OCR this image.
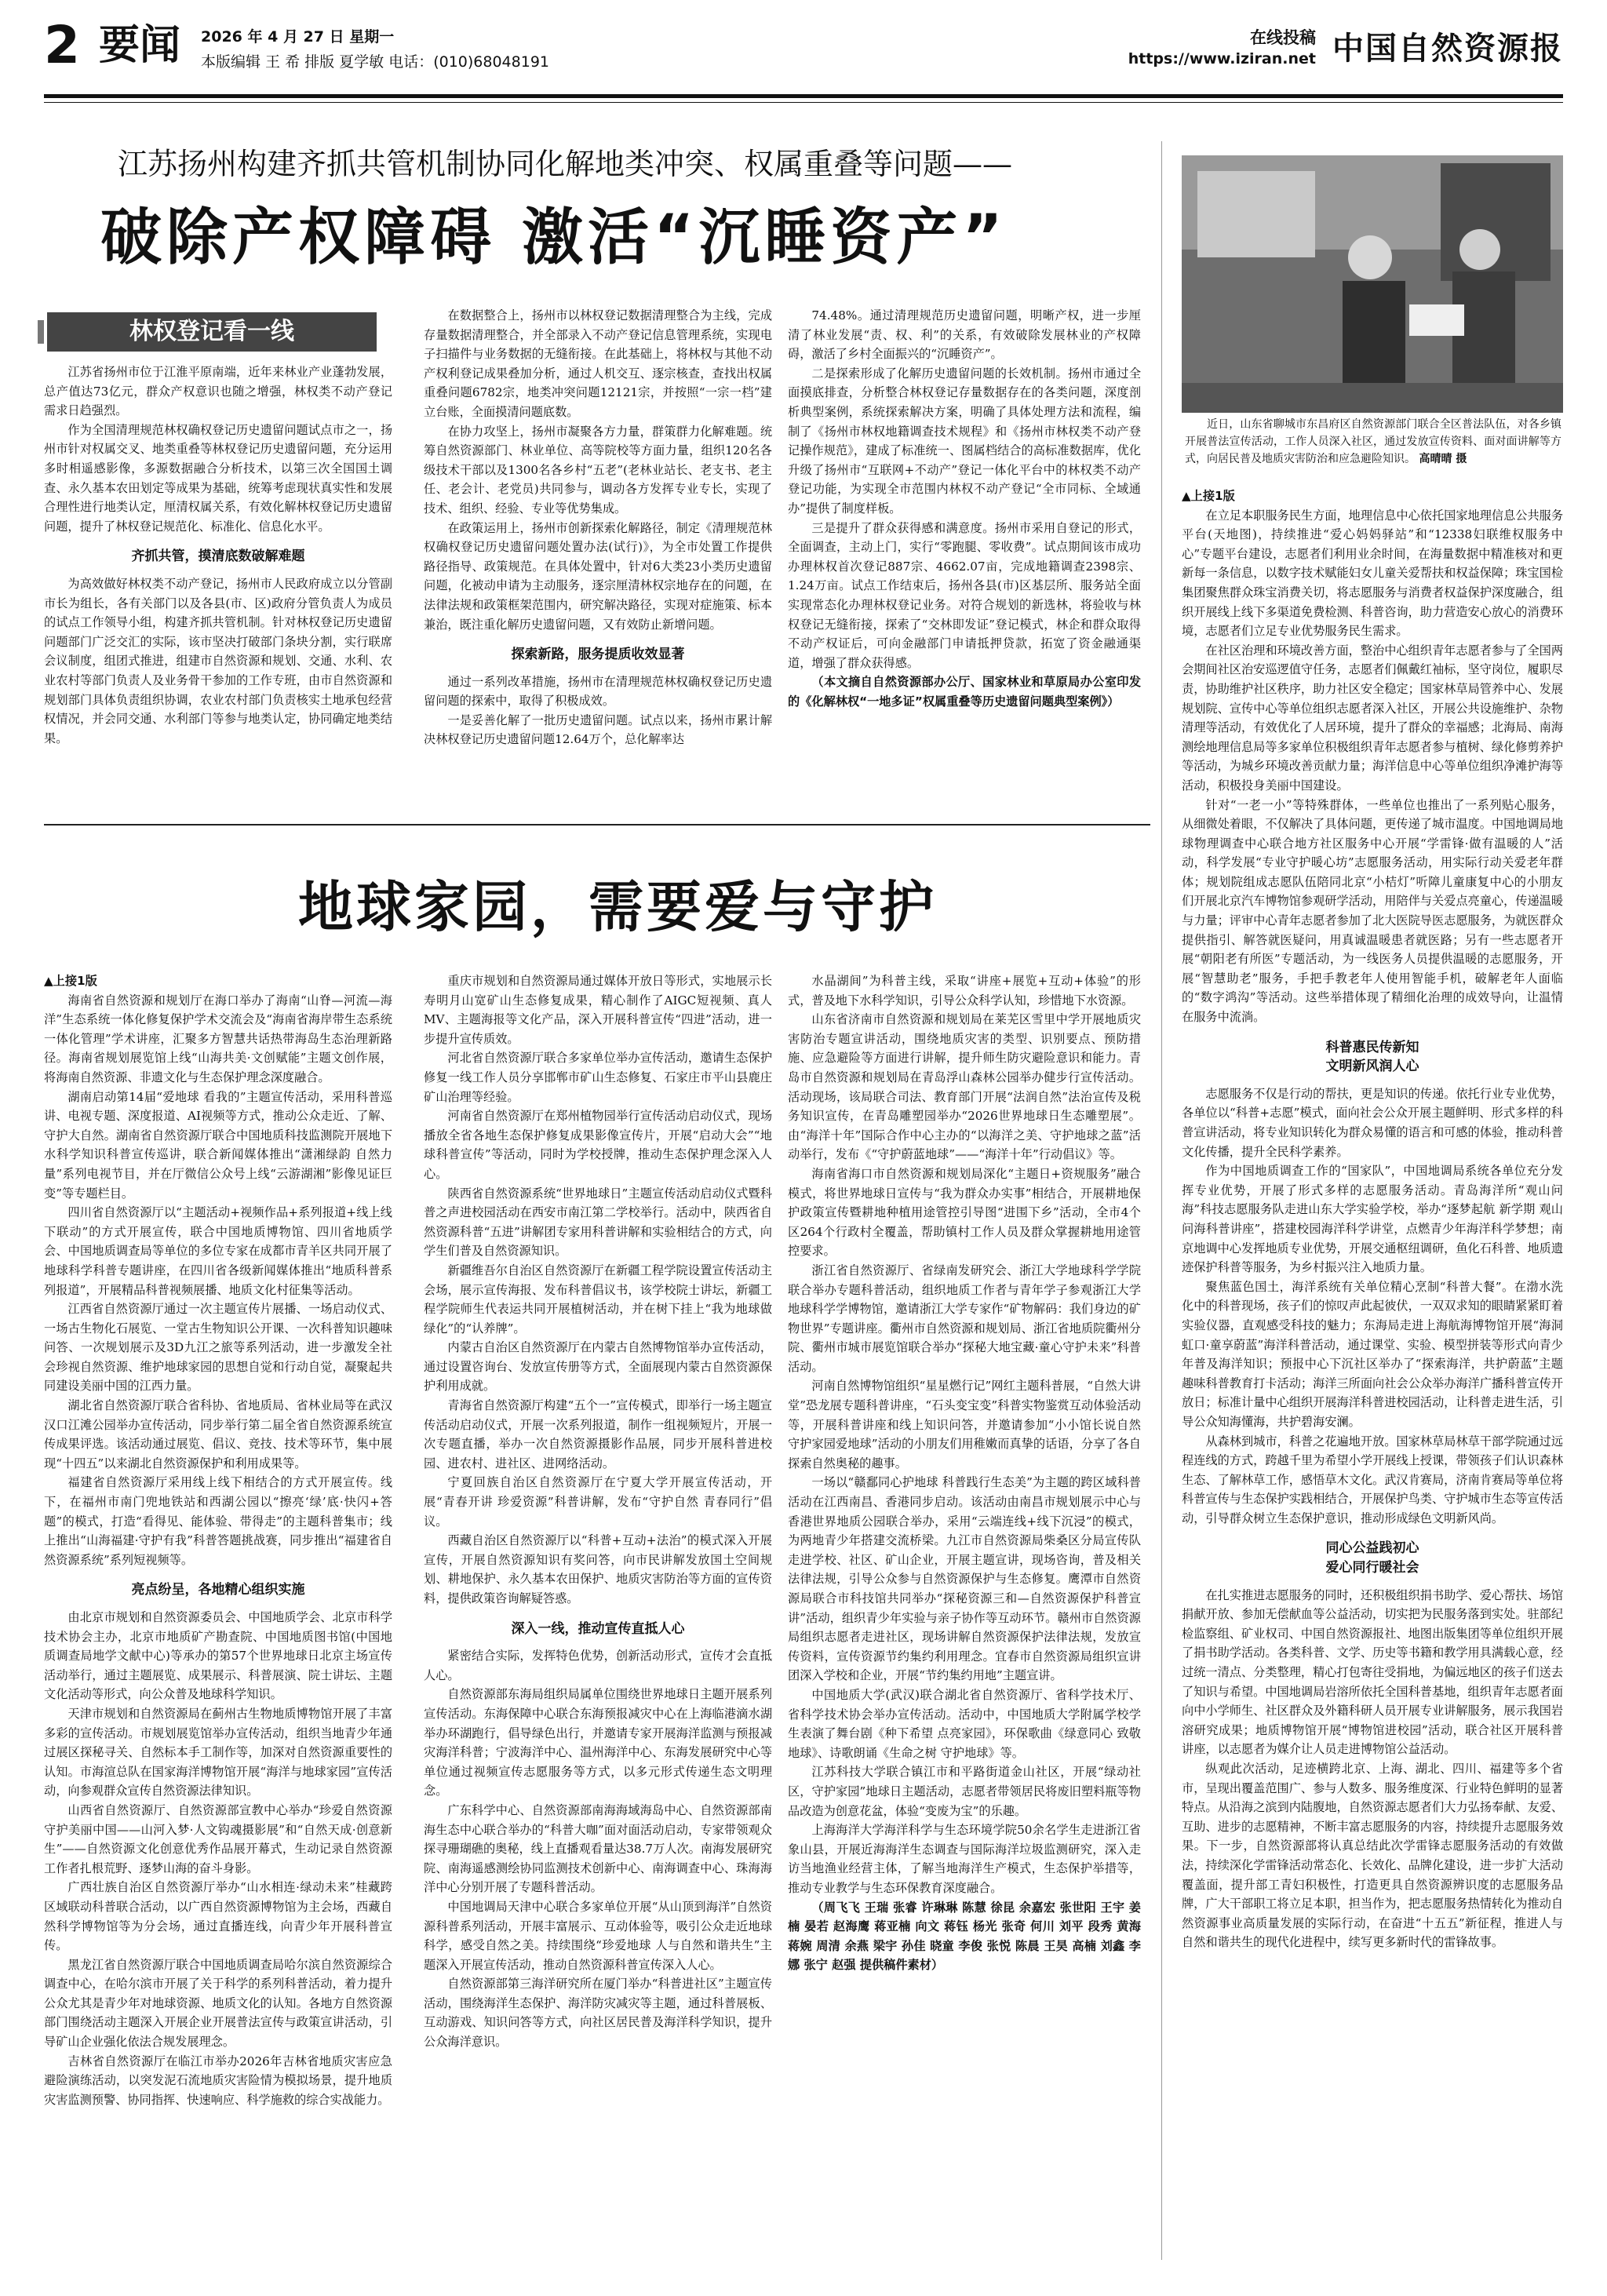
2 要闻 2026 年 4 月 27 日 星期一
本版编辑 王 希 排版 夏学敏 电话：(010)68048191
在线投稿
https://www.iziran.net 中国自然资源报
江苏扬州构建齐抓共管机制协同化解地类冲突、权属重叠等问题——
破除产权障碍 激活“沉睡资产”
林权登记看一线

江苏省扬州市位于江淮平原南端，近年来林业产业蓬勃发展，总产值达73亿元，群众产权意识也随之增强，林权类不动产登记需求日趋强烈。

作为全国清理规范林权确权登记历史遗留问题试点市之一，扬州市针对权属交叉、地类重叠等林权登记历史遗留问题，充分运用多时相遥感影像，多源数据融合分析技术，以第三次全国国土调查、永久基本农田划定等成果为基础，统筹考虑现状真实性和发展合理性进行地类认定，厘清权属关系，有效化解林权登记历史遗留问题，提升了林权登记规范化、标准化、信息化水平。

齐抓共管，摸清底数破解难题

为高效做好林权类不动产登记，扬州市人民政府成立以分管副市长为组长，各有关部门以及各县(市、区)政府分管负责人为成员的试点工作领导小组，构建齐抓共管机制。针对林权登记历史遗留问题部门广泛交汇的实际，该市坚决打破部门条块分割，实行联席会议制度，组团式推进，组建市自然资源和规划、交通、水利、农业农村等部门负责人及业务骨干参加的工作专班，由市自然资源和规划部门具体负责组织协调，农业农村部门负责核实土地承包经营权情况，并会同交通、水利部门等参与地类认定，协同确定地类结果。

在数据整合上，扬州市以林权登记数据清理整合为主线，完成存量数据清理整合，并全部录入不动产登记信息管理系统，实现电子扫描件与业务数据的无缝衔接。在此基础上，将林权与其他不动产权利登记成果叠加分析，通过人机交互、逐宗核查，查找出权属重叠问题6782宗，地类冲突问题12121宗，并按照“一宗一档”建立台账，全面摸清问题底数。

在协力攻坚上，扬州市凝聚各方力量，群策群力化解难题。统筹自然资源部门、林业单位、高等院校等方面力量，组织120名各级技术干部以及1300名各乡村“五老”(老林业站长、老支书、老主任、老会计、老党员)共同参与，调动各方发挥专业专长，实现了技术、组织、经验、专业等优势集成。

在政策运用上，扬州市创新探索化解路径，制定《清理规范林权确权登记历史遗留问题处置办法(试行)》，为全市处置工作提供路径指导、政策规范。在具体处置中，针对6大类23小类历史遗留问题，化被动申请为主动服务，逐宗厘清林权宗地存在的问题，在法律法规和政策框架范围内，研究解决路径，实现对症施策、标本兼治，既注重化解历史遗留问题，又有效防止新增问题。

探索新路，服务提质收效显著

通过一系列改革措施，扬州市在清理规范林权确权登记历史遗留问题的探索中，取得了积极成效。

一是妥善化解了一批历史遗留问题。试点以来，扬州市累计解决林权登记历史遗留问题12.64万个，总化解率达

74.48%。通过清理规范历史遗留问题，明晰产权，进一步厘清了林业发展“责、权、利”的关系，有效破除发展林业的产权障碍，激活了乡村全面振兴的“沉睡资产”。

二是探索形成了化解历史遗留问题的长效机制。扬州市通过全面摸底排查，分析整合林权登记存量数据存在的各类问题，深度剖析典型案例，系统探索解决方案，明确了具体处理方法和流程，编制了《扬州市林权地籍调查技术规程》和《扬州市林权类不动产登记操作规范》，建成了标准统一、图属档结合的高标准数据库，优化升级了扬州市“互联网+不动产”登记一体化平台中的林权类不动产登记功能，为实现全市范围内林权不动产登记“全市同标、全域通办”提供了制度样板。

三是提升了群众获得感和满意度。扬州市采用自登记的形式，全面调查，主动上门，实行“零跑腿、零收费”。试点期间该市成功办理林权首次登记887宗、4662.07亩，完成地籍调查2398宗、1.24万亩。试点工作结束后，扬州各县(市)区基层所、服务站全面实现常态化办理林权登记业务。对符合规划的新选林，将验收与林权登记无缝衔接，探索了“交林即发证”登记模式，林企和群众取得不动产权证后，可向金融部门申请抵押贷款，拓宽了资金融通渠道，增强了群众获得感。

（本文摘自自然资源部办公厅、国家林业和草原局办公室印发的《化解林权“一地多证”权属重叠等历史遗留问题典型案例》）

近日，山东省聊城市东昌府区自然资源部门联合全区普法队伍，对各乡镇开展普法宣传活动，工作人员深入社区，通过发放宣传资料、面对面讲解等方式，向居民普及地质灾害防治和应急避险知识。 高晴晴 摄

▲上接1版

在立足本职服务民生方面，地理信息中心依托国家地理信息公共服务平台(天地图)，持续推进“爱心妈妈驿站”和“12338妇联维权服务中心”专题平台建设，志愿者们利用业余时间，在海量数据中精准核对和更新每一条信息，以数字技术赋能妇女儿童关爱帮扶和权益保障；珠宝国检集团聚焦群众珠宝消费关切，将志愿服务与消费者权益保护深度融合，组织开展线上线下多渠道免费检测、科普咨询，助力营造安心放心的消费环境，志愿者们立足专业优势服务民生需求。

在社区治理和环境改善方面，整治中心组织青年志愿者参与了全国两会期间社区治安巡逻值守任务，志愿者们佩戴红袖标，坚守岗位，履职尽责，协助维护社区秩序，助力社区安全稳定；国家林草局管养中心、发展规划院、宣传中心等单位组织志愿者深入社区，开展公共设施维护、杂物清理等活动，有效优化了人居环境，提升了群众的幸福感；北海局、南海测绘地理信息局等多家单位积极组织青年志愿者参与植树、绿化修剪养护等活动，为城乡环境改善贡献力量；海洋信息中心等单位组织净滩护海等活动，积极投身美丽中国建设。

针对“一老一小”等特殊群体，一些单位也推出了一系列贴心服务，从细微处着眼，不仅解决了具体问题，更传递了城市温度。中国地调局地球物理调查中心联合地方社区服务中心开展“学雷锋·做有温暖的人”活动，科学发展“专业守护暖心坊”志愿服务活动，用实际行动关爱老年群体；规划院组成志愿队伍陪同北京“小桔灯”听障儿童康复中心的小朋友们开展北京汽车博物馆参观研学活动，用陪伴与关爱点亮童心，传递温暖与力量；评审中心青年志愿者参加了北大医院导医志愿服务，为就医群众提供指引、解答就医疑问，用真诚温暖患者就医路；另有一些志愿者开展“朝阳老有所医”专题活动，为一线医务人员提供温暖的志愿服务，开展“智慧助老”服务，手把手教老年人使用智能手机，破解老年人面临的“数字鸿沟”等活动。这些举措体现了精细化治理的成效导向，让温情在服务中流淌。

科普惠民传新知
文明新风润人心

志愿服务不仅是行动的帮扶，更是知识的传递。依托行业专业优势，各单位以“科普+志愿”模式，面向社会公众开展主题鲜明、形式多样的科普宣讲活动，将专业知识转化为群众易懂的语言和可感的体验，推动科普文化传播，提升全民科学素养。

作为中国地质调查工作的“国家队”，中国地调局系统各单位充分发挥专业优势，开展了形式多样的志愿服务活动。青岛海洋所“观山问海”科技志愿服务队走进山东大学实验学校，举办“逐梦起航 新学期 观山问海科普讲座”，搭建校园海洋科学讲堂，点燃青少年海洋科学梦想；南京地调中心发挥地质专业优势，开展交通枢纽调研，鱼化石科普、地质遗迹保护科普等服务，为乡村振兴注入地质力量。

聚焦蓝色国土，海洋系统有关单位精心烹制“科普大餐”。在渤水洗化中的科普现场，孩子们的惊叹声此起彼伏，一双双求知的眼睛紧紧盯着实验仪器，直观感受科技的魅力；东海局走进上海航海博物馆开展“海洞虹口·童享蔚蓝”海洋科普活动，通过课堂、实验、模型拼装等形式向青少年普及海洋知识；预报中心下沉社区举办了“探索海洋，共护蔚蓝”主题趣味科普教育打卡活动；海洋三所面向社会公众举办海洋广播科普宣传开放日；标准计量中心组织开展海洋科普进校园活动，让科普走进生活，引导公众知海懂海，共护碧海安澜。

从森林到城市，科普之花遍地开放。国家林草局林草干部学院通过远程连线的方式，跨越千里为希望小学开展线上授课，带领孩子们认识森林生态、了解林草工作，感悟草木文化。武汉肯赛局，济南肯赛局等单位将科普宣传与生态保护实践相结合，开展保护鸟类、守护城市生态等宣传活动，引导群众树立生态保护意识，推动形成绿色文明新风尚。

同心公益践初心
爱心同行暖社会

在扎实推进志愿服务的同时，还积极组织捐书助学、爱心帮扶、场馆捐献开放、参加无偿献血等公益活动，切实把为民服务落到实处。驻部纪检监察组、矿业权司、中国自然资源报社、地图出版集团等单位组织开展了捐书助学活动。各类科普、文学、历史等书籍和教学用具满载心意，经过统一清点、分类整理，精心打包寄往受捐地，为偏远地区的孩子们送去了知识与希望。中国地调局岩溶所依托全国科普基地，组织青年志愿者面向中小学师生、社区群众及外籍科研人员开展专业讲解服务，展示我国岩溶研究成果；地质博物馆开展“博物馆进校园”活动，联合社区开展科普讲座，以志愿者为媒介让人员走进博物馆公益活动。

纵观此次活动，足迹横跨北京、上海、湖北、四川、福建等多个省市，呈现出覆盖范围广、参与人数多、服务维度深、行业特色鲜明的显著特点。从沿海之滨到内陆腹地，自然资源志愿者们大力弘扬奉献、友爱、互助、进步的志愿精神，不断丰富志愿服务的内容，持续提升志愿服务效果。下一步，自然资源部将认真总结此次学雷锋志愿服务活动的有效做法，持续深化学雷锋活动常态化、长效化、品牌化建设，进一步扩大活动覆盖面，提升部工青妇积极性，打造更具自然资源辨识度的志愿服务品牌，广大干部职工将立足本职，担当作为，把志愿服务热情转化为推动自然资源事业高质量发展的实际行动，在奋进“十五五”新征程，推进人与自然和谐共生的现代化进程中，续写更多新时代的雷锋故事。

地球家园，需要爱与守护

▲上接1版

海南省自然资源和规划厅在海口举办了海南“山脊—河流—海洋”生态系统一体化修复保护学术交流会及“海南省海岸带生态系统一体化管理”学术讲座，汇聚多方智慧共话热带海岛生态治理新路径。海南省规划展览馆上线“山海共美·文创赋能”主题文创作展，将海南自然资源、非遗文化与生态保护理念深度融合。

湖南启动第14届“爱地球 看我的”主题宣传活动，采用科普巡讲、电视专题、深度报道、AI视频等方式，推动公众走近、了解、守护大自然。湖南省自然资源厅联合中国地质科技监测院开展地下水科学知识科普宣传巡讲，联合新闻媒体推出“潇湘绿韵 自然力量”系列电视节目，并在厅微信公众号上线“云游湖湘”影像见证巨变”等专题栏目。

四川省自然资源厅以“主题活动+视频作品+系列报道+线上线下联动”的方式开展宣传，联合中国地质博物馆、四川省地质学会、中国地质调查局等单位的多位专家在成都市青羊区共同开展了地球科学科普专题讲座，在四川省各级新闻媒体推出“地质科普系列报道”，开展精品科普视频展播、地质文化村征集等活动。

江西省自然资源厅通过一次主题宣传片展播、一场启动仪式、一场古生物化石展览、一堂古生物知识公开课、一次科普知识趣味问答、一次规划展示及3D九江之旅等系列活动，进一步激发全社会珍视自然资源、维护地球家园的思想自觉和行动自觉，凝聚起共同建设美丽中国的江西力量。

湖北省自然资源厅联合省科协、省地质局、省林业局等在武汉汉口江滩公园举办宣传活动，同步举行第二届全省自然资源系统宣传成果评选。该活动通过展览、倡议、竞技、技术等环节，集中展现“十四五”以来湖北自然资源保护和利用成果等。

福建省自然资源厅采用线上线下相结合的方式开展宣传。线下，在福州市南门兜地铁站和西湖公园以“擦亮‘绿’底·快闪+答题”的模式，打造“看得见、能体验、带得走”的主题科普集市；线上推出“山海福建·守护有我”科普答题挑战赛，同步推出“福建省自然资源系统”系列短视频等。

亮点纷呈，各地精心组织实施

由北京市规划和自然资源委员会、中国地质学会、北京市科学技术协会主办，北京市地质矿产勘查院、中国地质图书馆(中国地质调查局地学文献中心)等承办的第57个世界地球日北京主场宣传活动举行，通过主题展览、成果展示、科普展演、院士讲坛、主题文化活动等形式，向公众普及地球科学知识。

天津市规划和自然资源局在蓟州古生物地质博物馆开展了丰富多彩的宣传活动。市规划展览馆举办宣传活动，组织当地青少年通过展区探秘寻关、自然标本手工制作等，加深对自然资源重要性的认知。市海渲总队在国家海洋博物馆开展“海洋与地球家园”宣传活动，向参观群众宣传自然资源法律知识。

山西省自然资源厅、自然资源部宣教中心举办“珍爱自然资源守护美丽中国——山河入梦·人文钩魂摄影展”和“自然天成·创意新生”——自然资源文化创意优秀作品展开幕式，生动记录自然资源工作者扎根荒野、逐梦山海的奋斗身影。

广西壮族自治区自然资源厅举办“山水相连·绿动未来”桂藏跨区域联动科普联合活动，以广西自然资源博物馆为主会场，西藏自然科学博物馆等为分会场，通过直播连线，向青少年开展科普宣传。

黑龙江省自然资源厅联合中国地质调查局哈尔滨自然资源综合调查中心，在哈尔滨市开展了关于科学的系列科普活动，着力提升公众尤其是青少年对地球资源、地质文化的认知。各地方自然资源部门围绕活动主题深入开展企业开展普法宣传与政策宣讲活动，引导矿山企业强化依法合规发展理念。

吉林省自然资源厅在临江市举办2026年吉林省地质灾害应急避险演练活动，以突发泥石流地质灾害险情为模拟场景，提升地质灾害监测预警、协同指挥、快速响应、科学施救的综合实战能力。

重庆市规划和自然资源局通过媒体开放日等形式，实地展示长寿明月山宽矿山生态修复成果，精心制作了AIGC短视频、真人MV、主题海报等文化产品，深入开展科普宣传“四进”活动，进一步提升宣传质效。

河北省自然资源厅联合多家单位举办宣传活动，邀请生态保护修复一线工作人员分享邯郸市矿山生态修复、石家庄市平山县鹿庄矿山治理等经验。

河南省自然资源厅在郑州植物园举行宣传活动启动仪式，现场播放全省各地生态保护修复成果影像宣传片，开展“启动大会”“地球科普宣传”等活动，同时为学校授牌，推动生态保护理念深入人心。

陕西省自然资源系统“世界地球日”主题宣传活动启动仪式暨科普之声进校园活动在西安市南江第二学校举行。活动中，陕西省自然资源科普“五进”讲解团专家用科普讲解和实验相结合的方式，向学生们普及自然资源知识。

新疆维吾尔自治区自然资源厅在新疆工程学院设置宣传活动主会场，展示宣传海报、发布科普倡议书，该学校院士讲坛，新疆工程学院师生代表运共同开展植树活动，并在树下挂上“我为地球做绿化”的“认养牌”。

内蒙古自治区自然资源厅在内蒙古自然博物馆举办宣传活动，通过设置咨询台、发放宣传册等方式，全面展现内蒙古自然资源保护利用成就。

青海省自然资源厅构建“五个一”宣传模式，即举行一场主题宣传活动启动仪式，开展一次系列报道，制作一组视频短片，开展一次专题直播，举办一次自然资源摄影作品展，同步开展科普进校园、进农村、进社区、进网络活动。

宁夏回族自治区自然资源厅在宁夏大学开展宣传活动，开展“青春开讲 珍爱资源”科普讲解，发布“守护自然 青春同行”倡议。

西藏自治区自然资源厅以“科普+互动+法治”的模式深入开展宣传，开展自然资源知识有奖问答，向市民讲解发放国土空间规划、耕地保护、永久基本农田保护、地质灾害防治等方面的宣传资料，提供政策咨询解疑答惑。

深入一线，推动宣传直抵人心

紧密结合实际，发挥特色优势，创新活动形式，宣传才会直抵人心。

自然资源部东海局组织局属单位围绕世界地球日主题开展系列宣传活动。东海保障中心联合东海预报减灾中心在上海临港滴水湖举办环湖跑行，倡导绿色出行，并邀请专家开展海洋监测与预报减灾海洋科普；宁波海洋中心、温州海洋中心、东海发展研究中心等单位通过视频宣传志愿服务等方式，以多元形式传递生态文明理念。

广东科学中心、自然资源部南海海域海岛中心、自然资源部南海生态中心联合举办的“科普大咖”面对面活动启动，专家带领观众探寻珊瑚礁的奥秘，线上直播观看量达38.7万人次。南海发展研究院、南海遥感测绘协同监测技术创新中心、南海调查中心、珠海海洋中心分别开展了专题科普活动。

中国地调局天津中心联合多家单位开展“从山顶到海洋”自然资源科普系列活动，开展丰富展示、互动体验等，吸引公众走近地球科学，感受自然之美。持续围绕“珍爱地球 人与自然和谐共生”主题深入开展宣传活动，推动自然资源科普宣传深入人心。

自然资源部第三海洋研究所在厦门举办“科普进社区”主题宣传活动，围绕海洋生态保护、海洋防灾减灾等主题，通过科普展板、互动游戏、知识问答等方式，向社区居民普及海洋科学知识，提升公众海洋意识。

水晶湖间”为科普主线，采取“讲座+展览+互动+体验”的形式，普及地下水科学知识，引导公众科学认知，珍惜地下水资源。

山东省济南市自然资源和规划局在莱芜区雪里中学开展地质灾害防治专题宣讲活动，围绕地质灾害的类型、识别要点、预防措施、应急避险等方面进行讲解，提升师生防灾避险意识和能力。青岛市自然资源和规划局在青岛浮山森林公园举办健步行宣传活动。活动现场，该局联合司法、教育部门开展“法润自然”法治宣传及税务知识宣传，在青岛雕塑园举办“2026世界地球日生态雕塑展”。由“海洋十年”国际合作中心主办的“以海洋之美、守护地球之蓝”活动举行，发布《“守护蔚蓝地球”——“海洋十年”行动倡议》等。

海南省海口市自然资源和规划局深化“主题日+资规服务”融合模式，将世界地球日宣传与“我为群众办实事”相结合，开展耕地保护政策宣传暨耕地种植用途管控引导图“进围下乡”活动，全市4个区264个行政村全覆盖，帮助镇村工作人员及群众掌握耕地用途管控要求。

浙江省自然资源厅、省绿南发研究会、浙江大学地球科学学院联合举办专题科普活动，组织地质工作者与青年学子参观浙江大学地球科学学博物馆，邀请浙江大学专家作“矿物解码：我们身边的矿物世界”专题讲座。衢州市自然资源和规划局、浙江省地质院衢州分院、衢州市城市展览馆联合举办“探秘大地宝藏·童心守护未来”科普活动。

河南自然博物馆组织“星星燃行记”网红主题科普展，“自然大讲堂”恐龙展专题科普讲座，“石头变宝变”科普实物鉴赏互动体验活动等，开展科普讲座和线上知识问答，并邀请参加“小小馆长说自然 守护家园爱地球”活动的小朋友们用稚嫩而真挚的话语，分享了各自探索自然奥秘的趣事。

一场以“赣鄱同心护地球 科普践行生态美”为主题的跨区域科普活动在江西南昌、香港同步启动。该活动由南昌市规划展示中心与香港世界地质公园联合举办，采用“云端连线+线下沉浸”的模式，为两地青少年搭建交流桥梁。九江市自然资源局柴桑区分局宣传队走进学校、社区、矿山企业，开展主题宣讲，现场咨询，普及相关法律法规，引导公众参与自然资源保护与生态修复。鹰潭市自然资源局联合市科技馆共同举办“探秘资源三和—自然资源保护科普宣讲”活动，组织青少年实验与亲子协作等互动环节。赣州市自然资源局组织志愿者走进社区，现场讲解自然资源保护法律法规，发放宣传资料，宣传资源节约集约利用理念。宜春市自然资源局组织宣讲团深入学校和企业，开展“节约集约用地”主题宣讲。

中国地质大学(武汉)联合湖北省自然资源厅、省科学技术厅、省科学技术协会举办宣传活动。活动中，中国地质大学附属学校学生表演了舞台剧《种下希望 点亮家园》，环保歌曲《绿意同心 致敬地球》、诗歌朗诵《生命之树 守护地球》等。

江苏科技大学联合镇江市和平路街道金山社区，开展“绿动社区，守护家园”地球日主题活动，志愿者带领居民将废旧塑料瓶等物品改造为创意花盆，体验“变废为宝”的乐趣。

上海海洋大学海洋科学与生态环境学院50余名学生走进浙江省象山县，开展近海海洋生态调查与国际海洋垃圾监测研究，深入走访当地渔业经营主体，了解当地海洋生产模式，生态保护举措等，推动专业教学与生态环保教育深度融合。

（周飞飞 王瑞 张睿 许琳琳 陈慧 徐昆 余嘉宏 张世阳 王宇 姜楠 晏若 赵海鹰 蒋亚楠 向文 蒋钰 杨光 张奇 何川 刘平 段秀 黄海 蒋婉 周清 余燕 梁宇 孙佳 晓童 李俊 张悦 陈晨 王昊 高楠 刘鑫 李娜 张宁 赵强 提供稿件素材）
